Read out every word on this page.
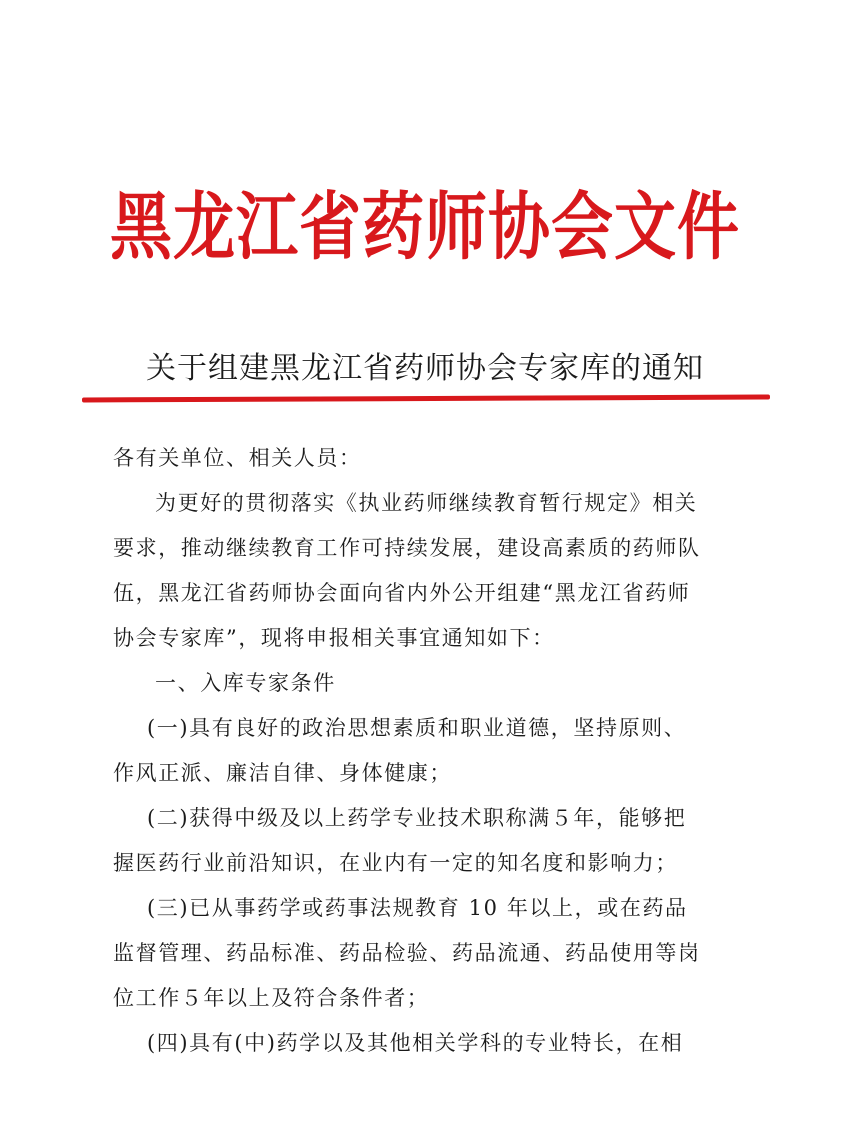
黑龙江省药师协会文件
关于组建黑龙江省药师协会专家库的通知
各有关单位、相关人员：
为更好的贯彻落实《执业药师继续教育暂行规定》相关
要求，推动继续教育工作可持续发展，建设高素质的药师队
伍，黑龙江省药师协会面向省内外公开组建“黑龙江省药师
协会专家库”，现将申报相关事宜通知如下：
一、入库专家条件
(一)具有良好的政治思想素质和职业道德，坚持原则、
作风正派、廉洁自律、身体健康；
(二)获得中级及以上药学专业技术职称满５年，能够把
握医药行业前沿知识，在业内有一定的知名度和影响力；
(三)已从事药学或药事法规教育 10 年以上，或在药品
监督管理、药品标准、药品检验、药品流通、药品使用等岗
位工作５年以上及符合条件者；
(四)具有(中)药学以及其他相关学科的专业特长，在相
